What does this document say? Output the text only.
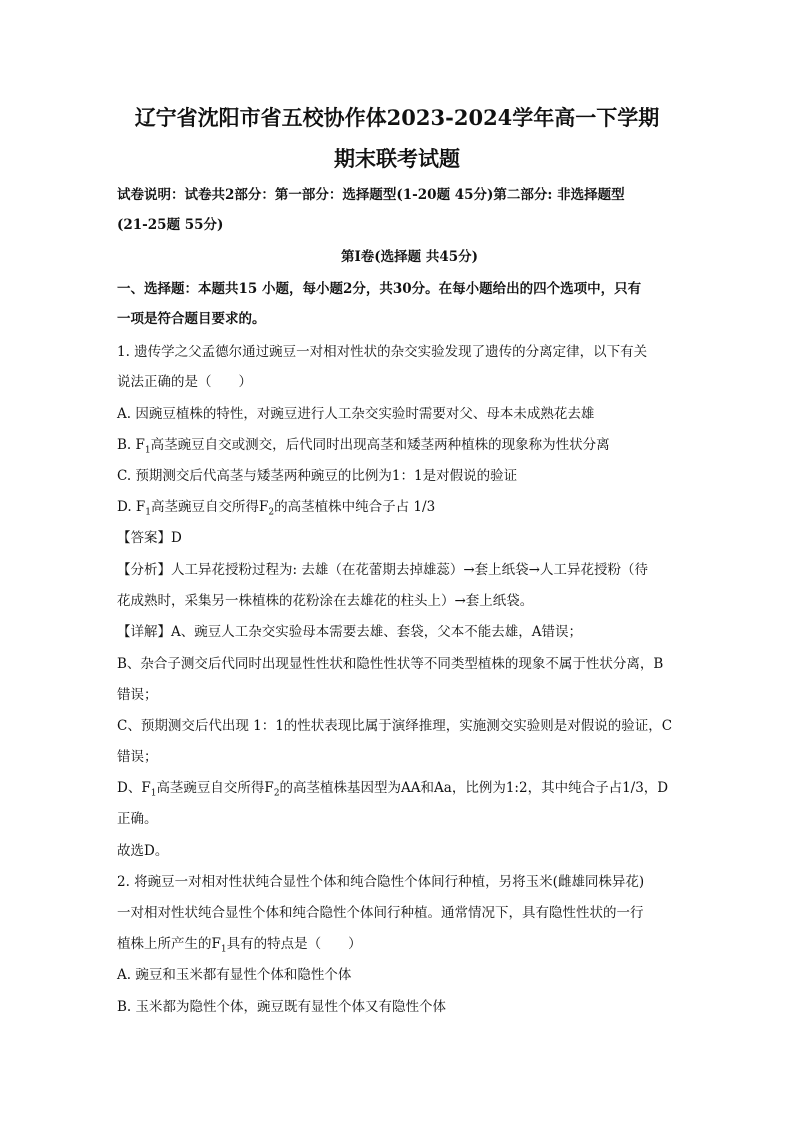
辽宁省沈阳市省五校协作体2023-2024学年高一下学期
期末联考试题
试卷说明：试卷共2部分：第一部分：选择题型(1-20题 45分)第二部分: 非选择题型
(21-25题 55分)
第Ⅰ卷(选择题 共45分)
一、选择题：本题共15 小题，每小题2分，共30分。在每小题给出的四个选项中，只有
一项是符合题目要求的。
1. 遗传学之父孟德尔通过豌豆一对相对性状的杂交实验发现了遗传的分离定律，以下有关
说法正确的是（　　）
A. 因豌豆植株的特性，对豌豆进行人工杂交实验时需要对父、母本未成熟花去雄
B. $F_1$高茎豌豆自交或测交，后代同时出现高茎和矮茎两种植株的现象称为性状分离
C. 预期测交后代高茎与矮茎两种豌豆的比例为1：1是对假说的验证
D. $F_1$高茎豌豆自交所得$F_2$的高茎植株中纯合子占 1/3
【答案】D
【分析】人工异花授粉过程为: 去雄（在花蕾期去掉雄蕊）→套上纸袋→人工异花授粉（待
花成熟时，采集另一株植株的花粉涂在去雄花的柱头上）→套上纸袋。
【详解】A、豌豆人工杂交实验母本需要去雄、套袋，父本不能去雄，A错误；
B、杂合子测交后代同时出现显性性状和隐性性状等不同类型植株的现象不属于性状分离，B
错误；
C、预期测交后代出现 1：1的性状表现比属于演绎推理，实施测交实验则是对假说的验证，C
错误；
D、$F_1$高茎豌豆自交所得$F_2$的高茎植株基因型为AA和Aa，比例为1:2，其中纯合子占1/3，D
正确。
故选D。
2. 将豌豆一对相对性状纯合显性个体和纯合隐性个体间行种植，另将玉米(雌雄同株异花)
一对相对性状纯合显性个体和纯合隐性个体间行种植。通常情况下，具有隐性性状的一行
植株上所产生的$F_1$具有的特点是（　　）
A. 豌豆和玉米都有显性个体和隐性个体
B. 玉米都为隐性个体，豌豆既有显性个体又有隐性个体
